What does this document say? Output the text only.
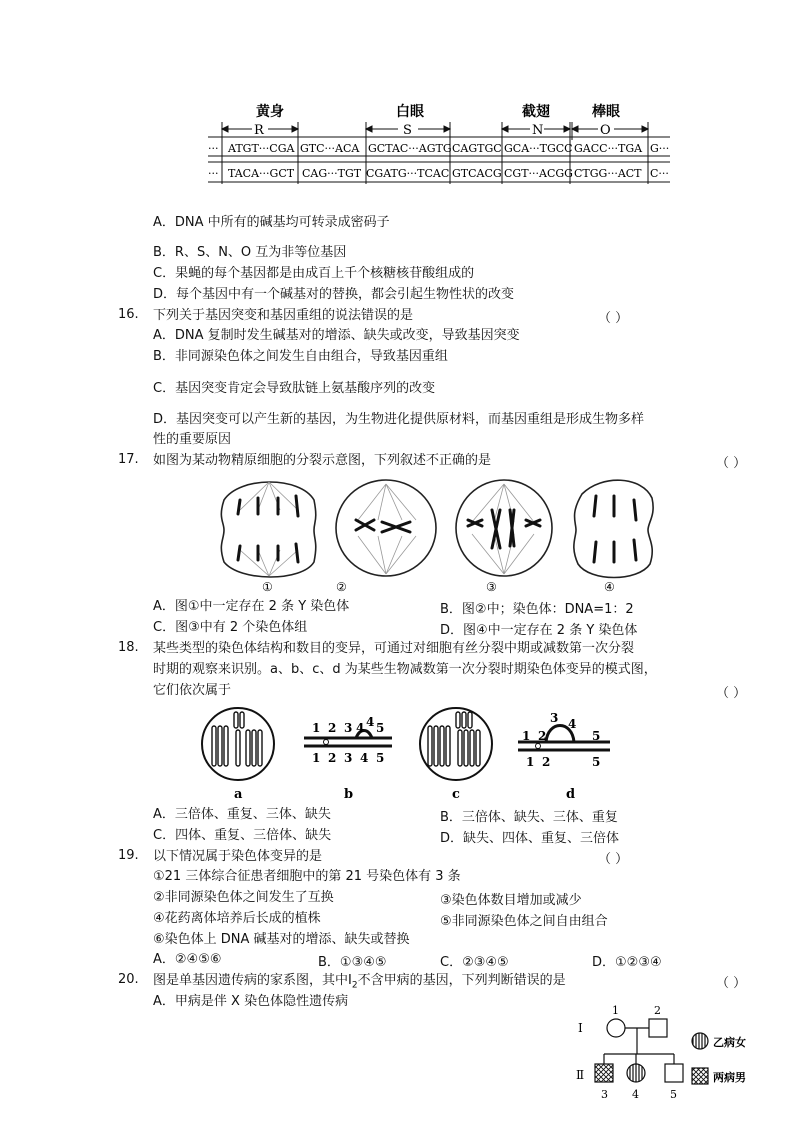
黄身	白眼	截翅	棒眼
R	S	N	O
··· ATGT···CGA GTC···ACA GCTAC···AGTG CAGTGC GCA···TGCC GACC···TGA G···
··· TACA···GCT CAG···TGT CGATG···TCAC GTCACG CGT···ACGG CTGG···ACT C···
A．DNA 中所有的碱基均可转录成密码子
B．R、S、N、O 互为非等位基因
C．果蝇的每个基因都是由成百上千个核糖核苷酸组成的
D．每个基因中有一个碱基对的替换，都会引起生物性状的改变
16. 下列关于基因突变和基因重组的说法错误的是	（ ）
A．DNA 复制时发生碱基对的增添、缺失或改变，导致基因突变
B．非同源染色体之间发生自由组合，导致基因重组
C．基因突变肯定会导致肽链上氨基酸序列的改变
D．基因突变可以产生新的基因，为生物进化提供原材料，而基因重组是形成生物多样
性的重要原因
17. 如图为某动物精原细胞的分裂示意图，下列叙述不正确的是	（ ）
①	②	③	④
A．图①中一定存在 2 条 Y 染色体	B．图②中；染色体：DNA=1：2
C．图③中有 2 个染色体组	D．图④中一定存在 2 条 Y 染色体
18. 某些类型的染色体结构和数目的变异，可通过对细胞有丝分裂中期或减数第一次分裂
时期的观察来识别。a、b、c、d 为某些生物减数第一次分裂时期染色体变异的模式图，
它们依次属于	（ ）
1 2 3 4 4 5
1 2 3 4 5
1 2
3 4
5
1 2	5
a	b	c	d
A．三倍体、重复、三体、缺失	B．三倍体、缺失、三体、重复
C．四体、重复、三倍体、缺失	D．缺失、四体、重复、三倍体
19. 以下情况属于染色体变异的是	（ ）
①21 三体综合征患者细胞中的第 21 号染色体有 3 条
②非同源染色体之间发生了互换	③染色体数目增加或减少
④花药离体培养后长成的植株	⑤非同源染色体之间自由组合
⑥染色体上 DNA 碱基对的增添、缺失或替换
A．②④⑤⑥	B．①③④⑤	C．②③④⑤	D．①②③④
20. 图是单基因遗传病的家系图，其中$Ⅰ_2$不含甲病的基因，下列判断错误的是	（ ）
A．甲病是伴 X 染色体隐性遗传病
Ⅰ
Ⅱ
1	2
3 4	5
乙病女
两病男
